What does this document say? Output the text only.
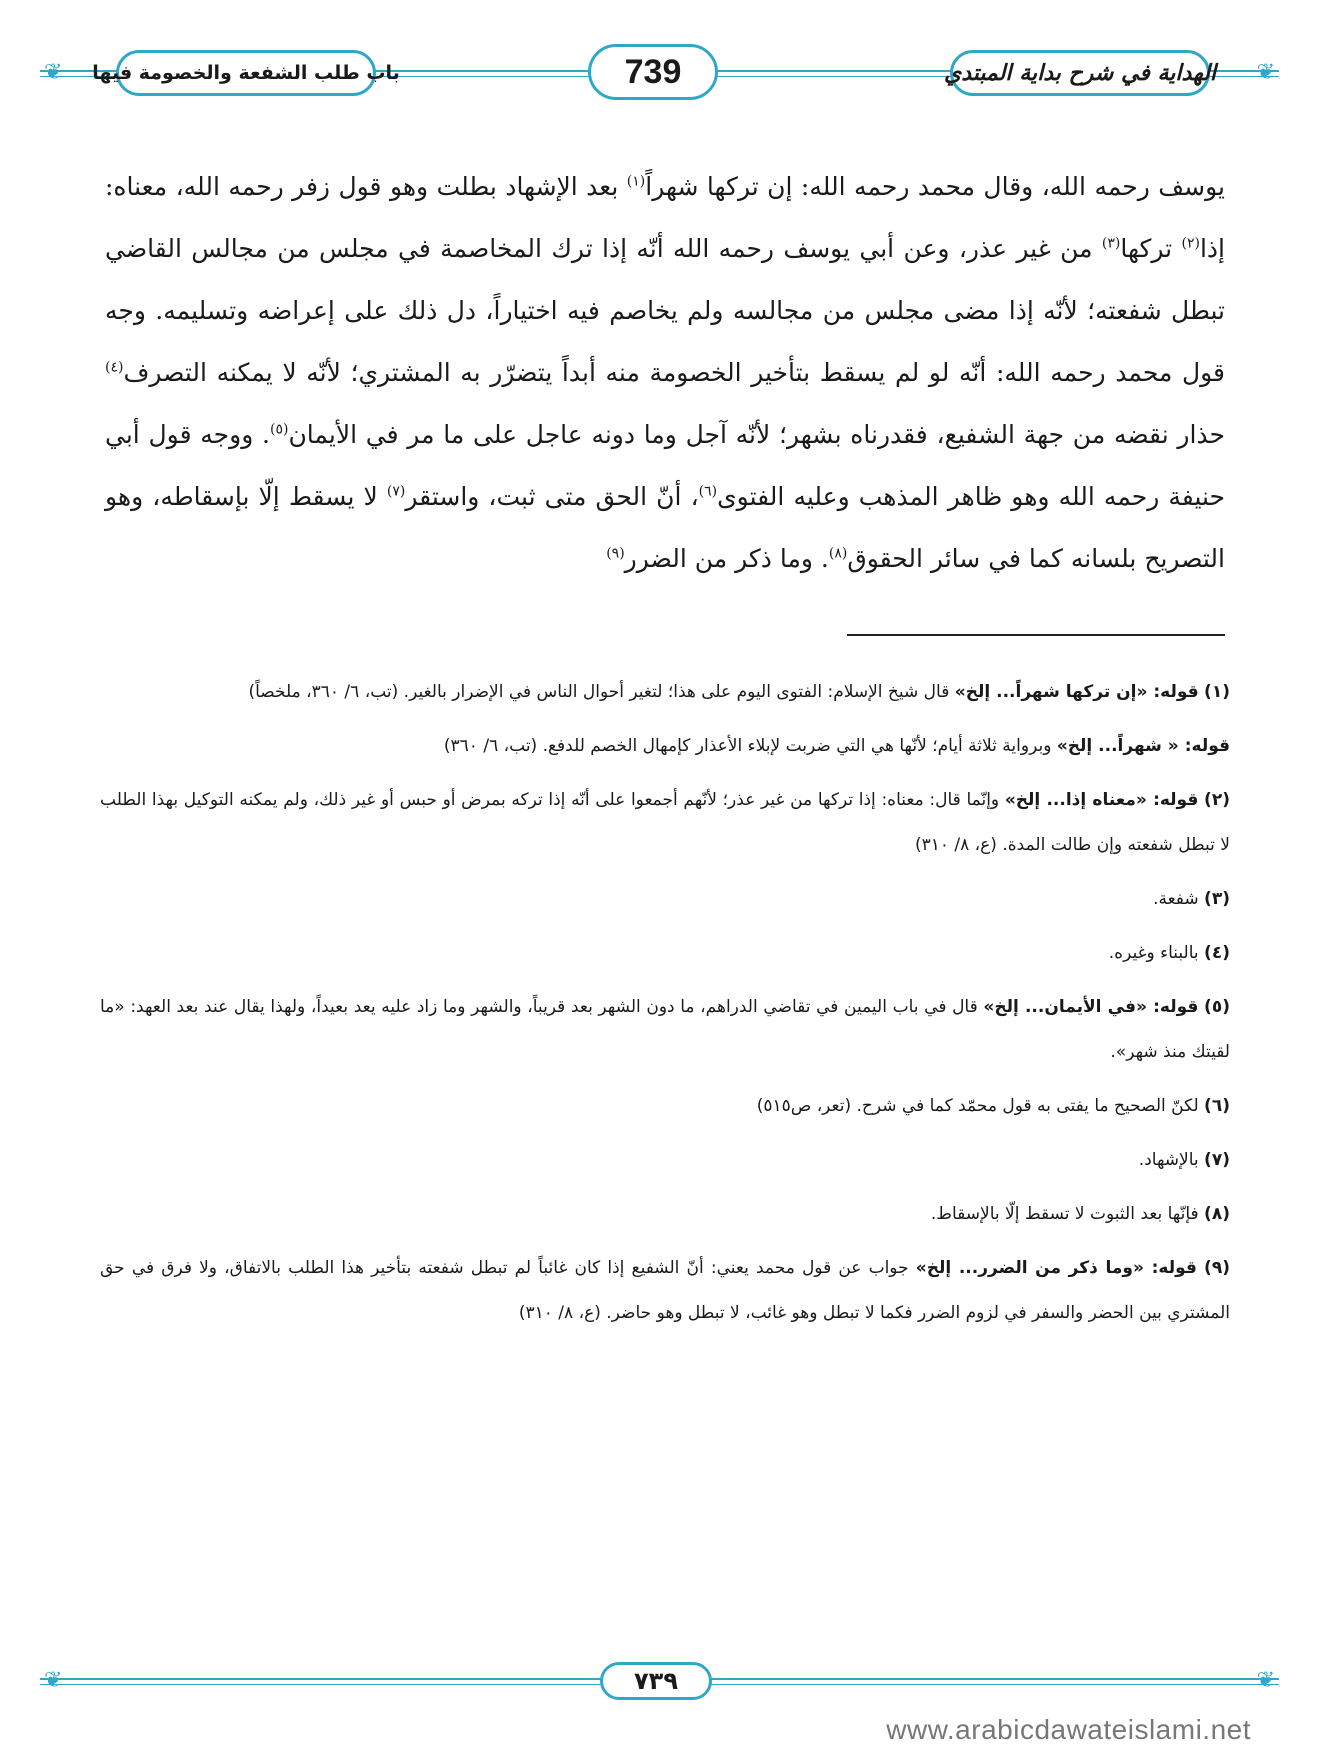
❦	❦
باب طلب الشفعة والخصومة فيها	739	الهداية في شرح بداية المبتدي

يوسف رحمه الله، وقال محمد رحمه الله: إن تركها شهراً$^{(١)}$ بعد الإشهاد بطلت وهو قول زفر رحمه الله، معناه: إذا$^{(٢)}$ تركها$^{(٣)}$ من غير عذر، وعن أبي يوسف رحمه الله أنّه إذا ترك المخاصمة في مجلس من مجالس القاضي تبطل شفعته؛ لأنّه إذا مضى مجلس من مجالسه ولم يخاصم فيه اختياراً، دل ذلك على إعراضه وتسليمه. وجه قول محمد رحمه الله: أنّه لو لم يسقط بتأخير الخصومة منه أبداً يتضرّر به المشتري؛ لأنّه لا يمكنه التصرف$^{(٤)}$ حذار نقضه من جهة الشفيع، فقدرناه بشهر؛ لأنّه آجل وما دونه عاجل على ما مر في الأيمان$^{(٥)}$. ووجه قول أبي حنيفة رحمه الله وهو ظاهر المذهب وعليه الفتوى$^{(٦)}$، أنّ الحق متى ثبت، واستقر$^{(٧)}$ لا يسقط إلّا بإسقاطه، وهو التصريح بلسانه كما في سائر الحقوق$^{(٨)}$. وما ذكر من الضرر$^{(٩)}$

(١) قوله: «إن تركها شهراً... إلخ» قال شيخ الإسلام: الفتوى اليوم على هذا؛ لتغير أحوال الناس في الإضرار بالغير. (تب، ٦/ ٣٦٠، ملخصاً)

قوله: « شهراً... إلخ» وبرواية ثلاثة أيام؛ لأنّها هي التي ضربت لإبلاء الأعذار كإمهال الخصم للدفع. (تب، ٦/ ٣٦٠)

(٢) قوله: «معناه إذا... إلخ» وإنّما قال: معناه: إذا تركها من غير عذر؛ لأنّهم أجمعوا على أنّه إذا تركه بمرض أو حبس أو غير ذلك، ولم يمكنه التوكيل بهذا الطلب لا تبطل شفعته وإن طالت المدة. (ع، ٨/ ٣١٠)

(٣) شفعة.

(٤) بالبناء وغيره.

(٥) قوله: «في الأيمان... إلخ» قال في باب اليمين في تقاضي الدراهم، ما دون الشهر بعد قريباً، والشهر وما زاد عليه يعد بعيداً، ولهذا يقال عند بعد العهد: «ما لقيتك منذ شهر».

(٦) لكنّ الصحيح ما يفتى به قول محمّد كما في شرح. (تعر، ص٥١٥)

(٧) بالإشهاد.

(٨) فإنّها بعد الثبوت لا تسقط إلّا بالإسقاط.

(٩) قوله: «وما ذكر من الضرر... إلخ» جواب عن قول محمد يعني: أنّ الشفيع إذا كان غائباً لم تبطل شفعته بتأخير هذا الطلب بالاتفاق، ولا فرق في حق المشتري بين الحضر والسفر في لزوم الضرر فكما لا تبطل وهو غائب، لا تبطل وهو حاضر. (ع، ٨/ ٣١٠)

❦	❦
٧٣٩
www.arabicdawateislami.net
